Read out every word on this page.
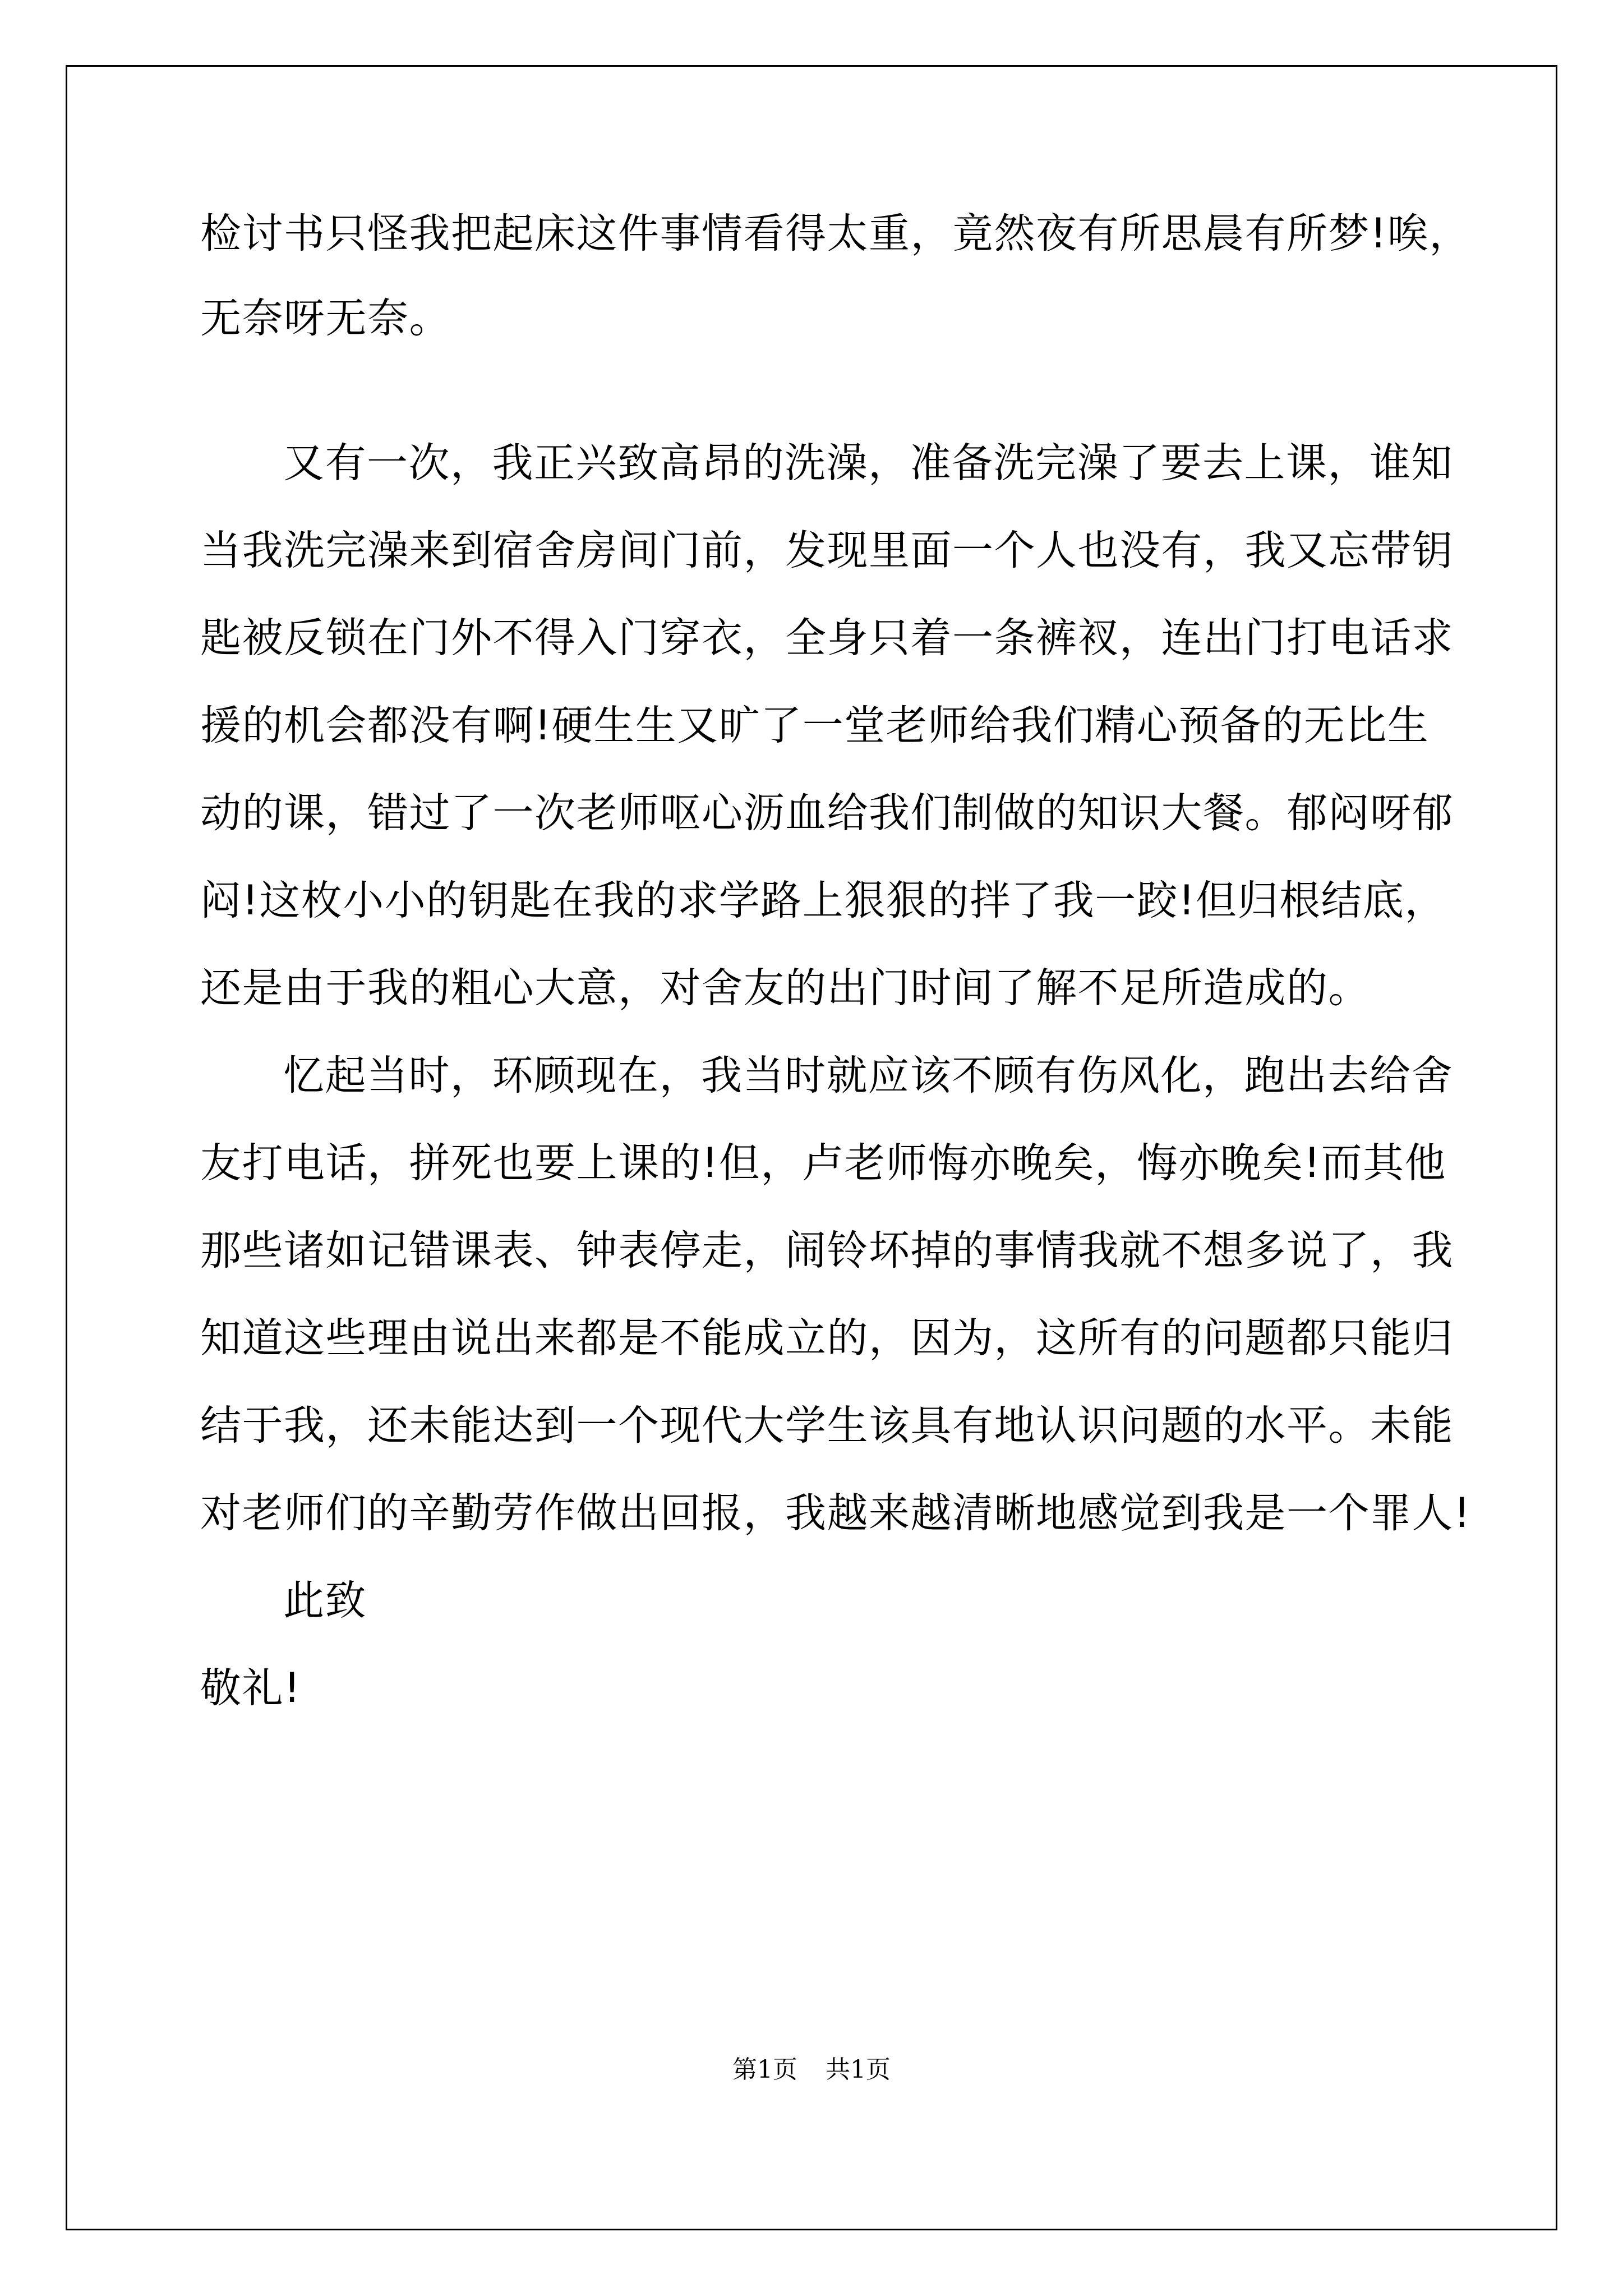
检讨书只怪我把起床这件事情看得太重，竟然夜有所思晨有所梦!唉，
无奈呀无奈。
又有一次，我正兴致高昂的洗澡，准备洗完澡了要去上课，谁知
当我洗完澡来到宿舍房间门前，发现里面一个人也没有，我又忘带钥
匙被反锁在门外不得入门穿衣，全身只着一条裤衩，连出门打电话求
援的机会都没有啊!硬生生又旷了一堂老师给我们精心预备的无比生
动的课，错过了一次老师呕心沥血给我们制做的知识大餐。郁闷呀郁
闷!这枚小小的钥匙在我的求学路上狠狠的拌了我一跤!但归根结底，
还是由于我的粗心大意，对舍友的出门时间了解不足所造成的。
忆起当时，环顾现在，我当时就应该不顾有伤风化，跑出去给舍
友打电话，拼死也要上课的!但，卢老师悔亦晚矣，悔亦晚矣!而其他
那些诸如记错课表、钟表停走，闹铃坏掉的事情我就不想多说了，我
知道这些理由说出来都是不能成立的，因为，这所有的问题都只能归
结于我，还未能达到一个现代大学生该具有地认识问题的水平。未能
对老师们的辛勤劳作做出回报，我越来越清晰地感觉到我是一个罪人!
此致
敬礼!
第1页 共1页
